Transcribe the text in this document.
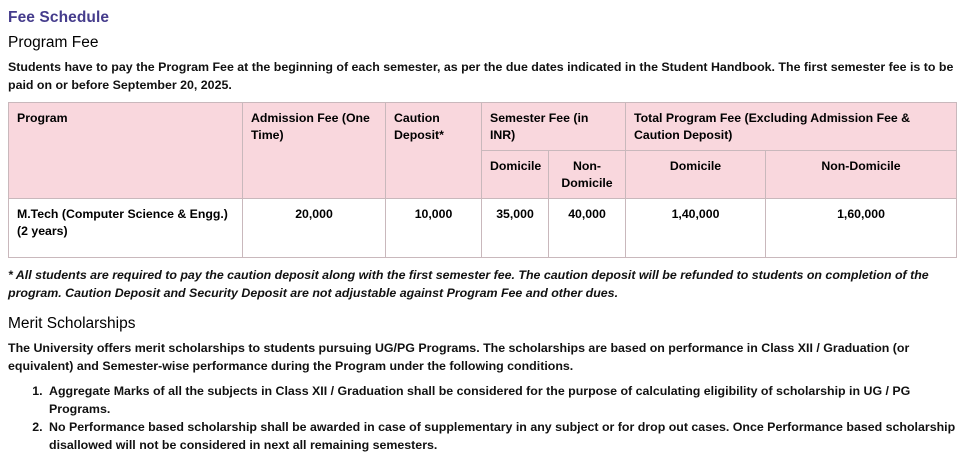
Fee Schedule
Program Fee

Students have to pay the Program Fee at the beginning of each semester, as per the due dates indicated in the Student Handbook. The first semester fee is to be paid on or before September 20, 2025.

Program	Admission Fee (One Time)	Caution Deposit*	Semester Fee (in INR)		Total Program Fee (Excluding Admission Fee & Caution Deposit)	
			Domicile	Non-Domicile	Domicile	Non-Domicile
M.Tech (Computer Science & Engg.) (2 years)	20,000	10,000	35,000	40,000	1,40,000	1,60,000

* All students are required to pay the caution deposit along with the first semester fee. The caution deposit will be refunded to students on completion of the program. Caution Deposit and Security Deposit are not adjustable against Program Fee and other dues.

Merit Scholarships

The University offers merit scholarships to students pursuing UG/PG Programs. The scholarships are based on performance in Class XII / Graduation (or equivalent) and Semester-wise performance during the Program under the following conditions.

1. Aggregate Marks of all the subjects in Class XII / Graduation shall be considered for the purpose of calculating eligibility of scholarship in UG / PG Programs.
2. No Performance based scholarship shall be awarded in case of supplementary in any subject or for drop out cases. Once Performance based scholarship disallowed will not be considered in next all remaining semesters.
